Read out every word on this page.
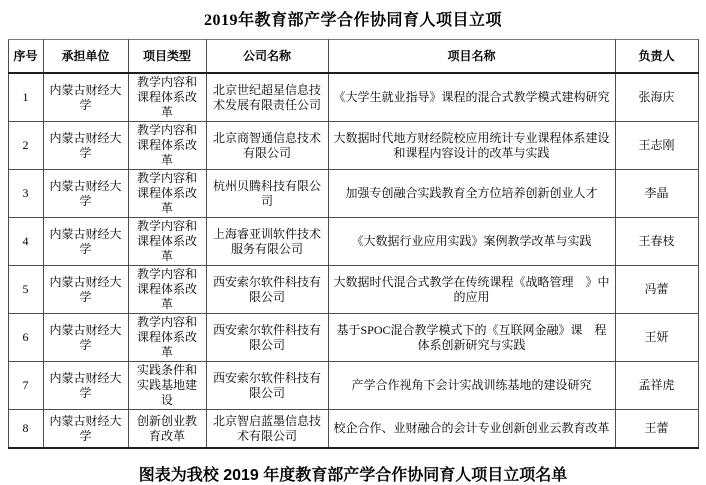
2019年教育部产学合作协同育人项目立项
序号	承担单位	项目类型	公司名称	项目名称	负责人
1	内蒙古财经大学	教学内容和课程体系改革	北京世纪超星信息技术发展有限责任公司	《大学生就业指导》课程的混合式教学模式建构研究	张海庆
2	内蒙古财经大学	教学内容和课程体系改革	北京商智通信息技术有限公司	大数据时代地方财经院校应用统计专业课程体系建设和课程内容设计的改革与实践	王志刚
3	内蒙古财经大学	教学内容和课程体系改革	杭州贝腾科技有限公司	加强专创融合实践教育全方位培养创新创业人才	李晶
4	内蒙古财经大学	教学内容和课程体系改革	上海睿亚训软件技术服务有限公司	《大数据行业应用实践》案例教学改革与实践	王春枝
5	内蒙古财经大学	教学内容和课程体系改革	西安索尔软件科技有限公司	大数据时代混合式教学在传统课程《战略管理　》中的应用	冯蕾
6	内蒙古财经大学	教学内容和课程体系改革	西安索尔软件科技有限公司	基于SPOC混合教学模式下的《互联网金融》课　程体系创新研究与实践	王妍
7	内蒙古财经大学	实践条件和实践基地建设	西安索尔软件科技有限公司	产学合作视角下会计实战训练基地的建设研究	孟祥虎
8	内蒙古财经大学	创新创业教育改革	北京智启蓝墨信息技术有限公司	校企合作、业财融合的会计专业创新创业云教育改革	王蕾
图表为我校 2019 年度教育部产学合作协同育人项目立项名单
